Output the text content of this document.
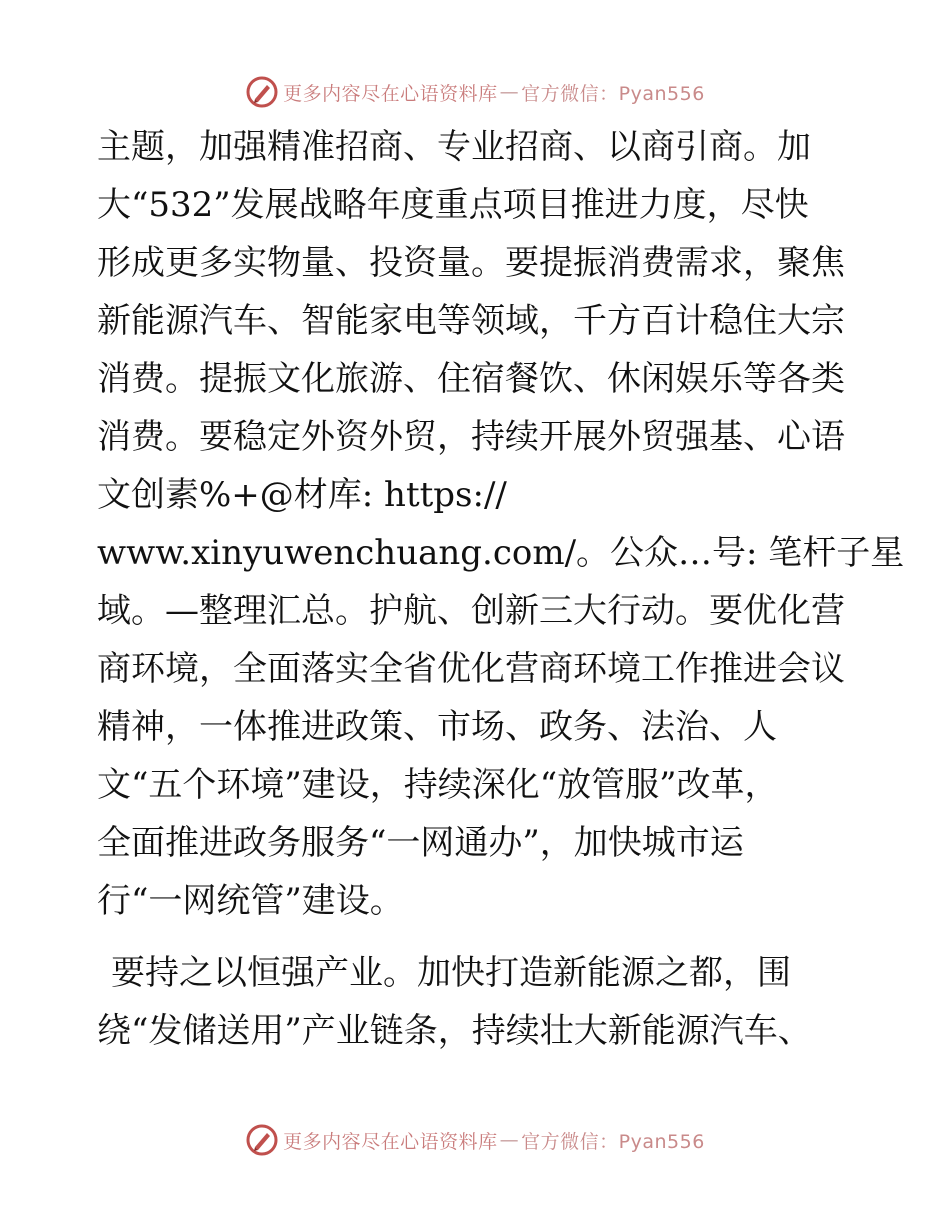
更多内容尽在心语资料库 — 官方微信：Pyan556
主题，加强精准招商、专业招商、以商引商。加
大“532”发展战略年度重点项目推进力度，尽快
形成更多实物量、投资量。要提振消费需求，聚焦
新能源汽车、智能家电等领域，千方百计稳住大宗
消费。提振文化旅游、住宿餐饮、休闲娱乐等各类
消费。要稳定外资外贸，持续开展外贸强基、心语
文创素%+@材库: https://
www.xinyuwenchuang.com/。公众…号: 笔杆子星
域。—整理汇总。护航、创新三大行动。要优化营
商环境，全面落实全省优化营商环境工作推进会议
精神，一体推进政策、市场、政务、法治、人
文“五个环境”建设，持续深化“放管服”改革，
全面推进政务服务“一网通办”，加快城市运
行“一网统管”建设。
要持之以恒强产业。加快打造新能源之都，围
绕“发储送用”产业链条，持续壮大新能源汽车、
更多内容尽在心语资料库 — 官方微信：Pyan556
